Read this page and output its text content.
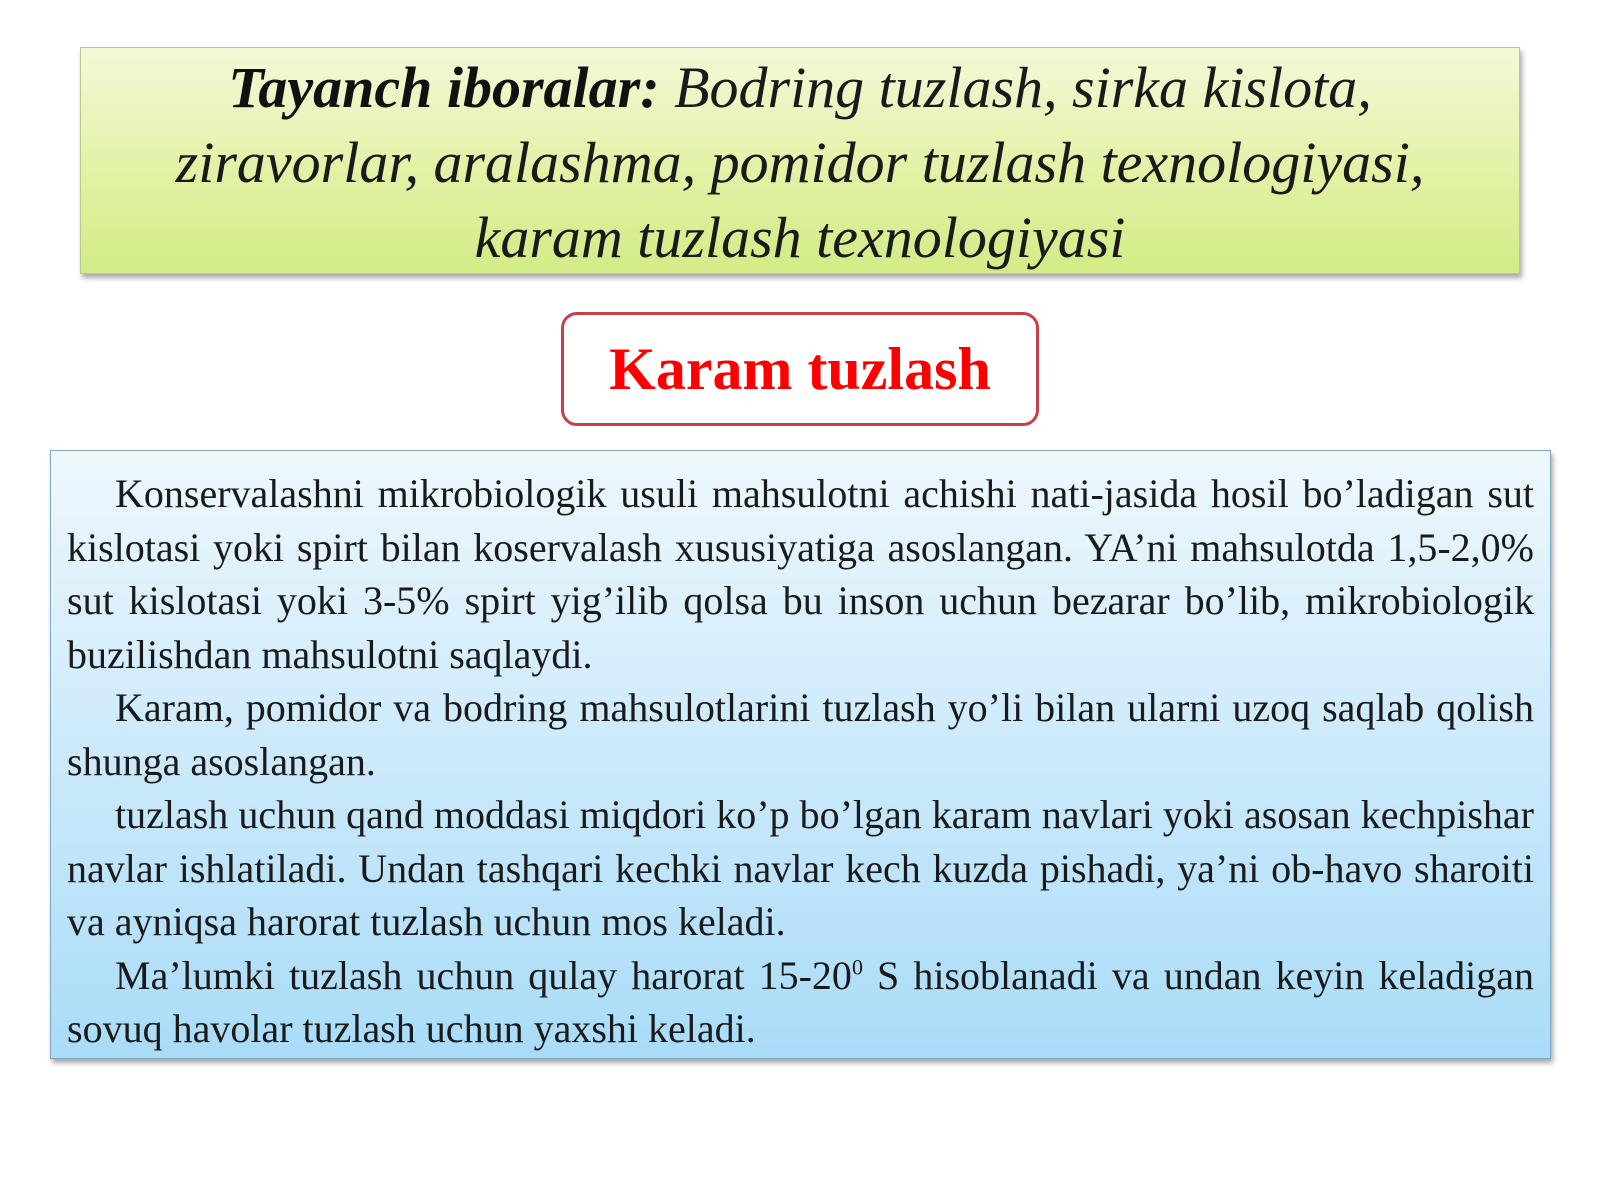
Tayanch iboralar: Bodring tuzlash, sirka kislota,
ziravorlar, aralashma, pomidor tuzlash texnologiyasi,
karam tuzlash texnologiyasi
Karam tuzlash

Konservalashni mikrobiologik usuli mahsulotni achishi nati-jasida hosil bo’ladigan sut kislotasi yoki spirt bilan koservalash xususiyatiga asoslangan. YA’ni mahsulotda 1,5-2,0% sut kislotasi yoki 3-5% spirt yig’ilib qolsa bu inson uchun bezarar bo’lib, mikrobiologik buzilishdan mahsulotni saqlaydi.

Karam, pomidor va bodring mahsulotlarini tuzlash yo’li bilan ularni uzoq saqlab qolish shunga asoslangan.

tuzlash uchun qand moddasi miqdori ko’p bo’lgan karam navlari yoki asosan kechpishar navlar ishlatiladi. Undan tashqari kechki navlar kech kuzda pishadi, ya’ni ob-havo sharoiti va ayniqsa harorat tuzlash uchun mos keladi.

Ma’lumki tuzlash uchun qulay harorat $15-20^0$ S hisoblanadi va undan keyin keladigan sovuq havolar tuzlash uchun yaxshi keladi.
